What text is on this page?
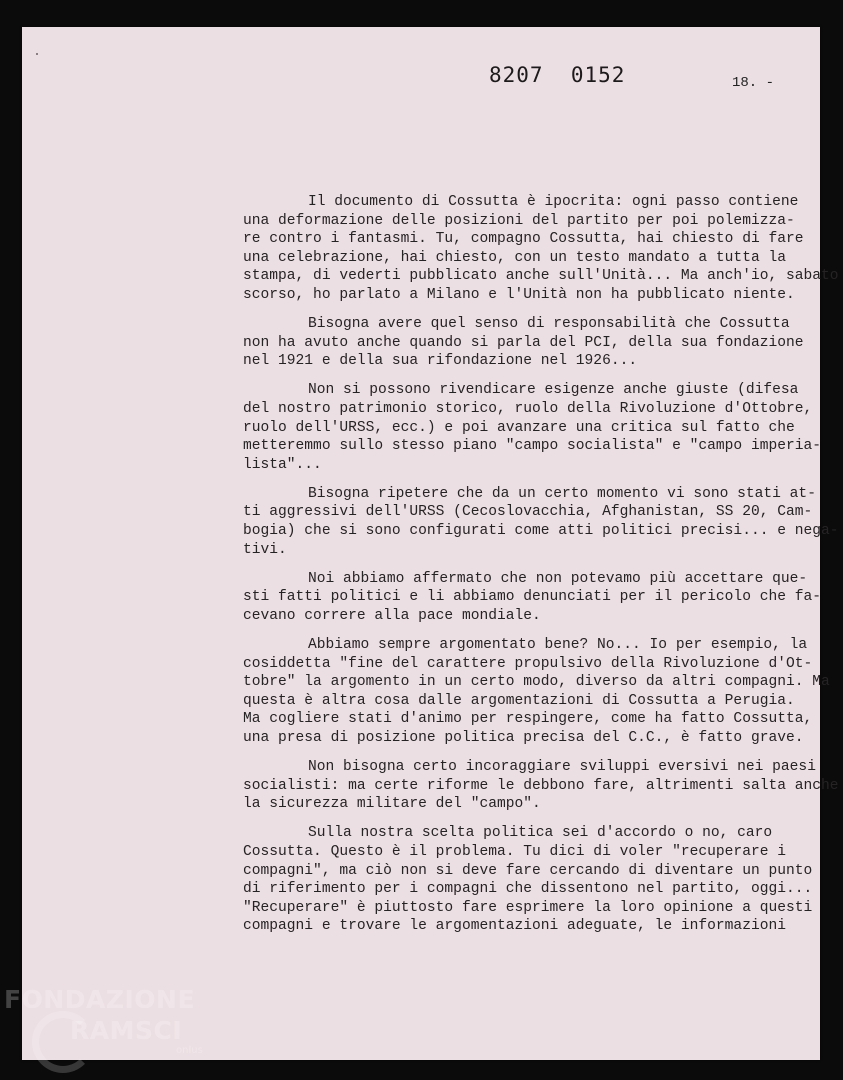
8207  0152	18. -
Il documento di Cossutta è ipocrita: ogni passo contiene
una deformazione delle posizioni del partito per poi polemizza-
re contro i fantasmi. Tu, compagno Cossutta, hai chiesto di fare
una celebrazione, hai chiesto, con un testo mandato a tutta la
stampa, di vederti pubblicato anche sull'Unità... Ma anch'io, sabato
scorso, ho parlato a Milano e l'Unità non ha pubblicato niente.
Bisogna avere quel senso di responsabilità che Cossutta
non ha avuto anche quando si parla del PCI, della sua fondazione
nel 1921 e della sua rifondazione nel 1926...
Non si possono rivendicare esigenze anche giuste (difesa
del nostro patrimonio storico, ruolo della Rivoluzione d'Ottobre,
ruolo dell'URSS, ecc.) e poi avanzare una critica sul fatto che
metteremmo sullo stesso piano "campo socialista" e "campo imperia-
lista"...
Bisogna ripetere che da un certo momento vi sono stati at-
ti aggressivi dell'URSS (Cecoslovacchia, Afghanistan, SS 20, Cam-
bogia) che si sono configurati come atti politici precisi... e nega-
tivi.
Noi abbiamo affermato che non potevamo più accettare que-
sti fatti politici e li abbiamo denunciati per il pericolo che fa-
cevano correre alla pace mondiale.
Abbiamo sempre argomentato bene? No... Io per esempio, la
cosiddetta "fine del carattere propulsivo della Rivoluzione d'Ot-
tobre" la argomento in un certo modo, diverso da altri compagni. Ma
questa è altra cosa dalle argomentazioni di Cossutta a Perugia.
Ma cogliere stati d'animo per respingere, come ha fatto Cossutta,
una presa di posizione politica precisa del C.C., è fatto grave.
Non bisogna certo incoraggiare sviluppi eversivi nei paesi
socialisti: ma certe riforme le debbono fare, altrimenti salta anche
la sicurezza militare del "campo".
Sulla nostra scelta politica sei d'accordo o no, caro
Cossutta. Questo è il problema. Tu dici di voler "recuperare i
compagni", ma ciò non si deve fare cercando di diventare un punto
di riferimento per i compagni che dissentono nel partito, oggi...
"Recuperare" è piuttosto fare esprimere la loro opinione a questi
compagni e trovare le argomentazioni adeguate, le informazioni
FONDAZIONE
RAMSCI
onlus
